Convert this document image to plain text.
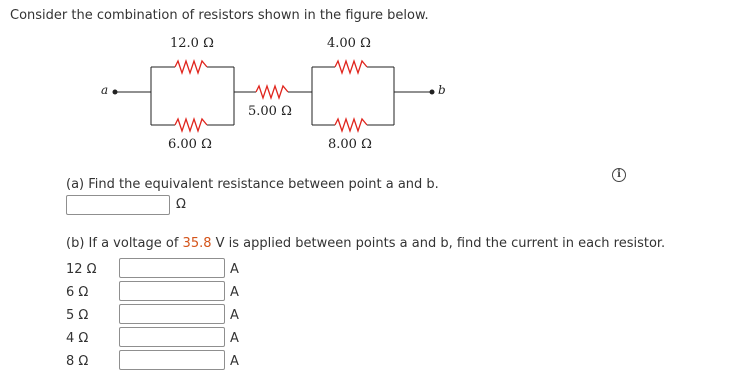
Consider the combination of resistors shown in the figure below.
12.0 Ω	4.00 Ω
5.00 Ω
6.00 Ω	8.00 Ω
a	b
i
(a) Find the equivalent resistance between point a and b.
Ω
(b) If a voltage of 35.8 V is applied between points a and b, find the current in each resistor.
12 Ω	A
6 Ω	A
5 Ω	A
4 Ω	A
8 Ω	A
